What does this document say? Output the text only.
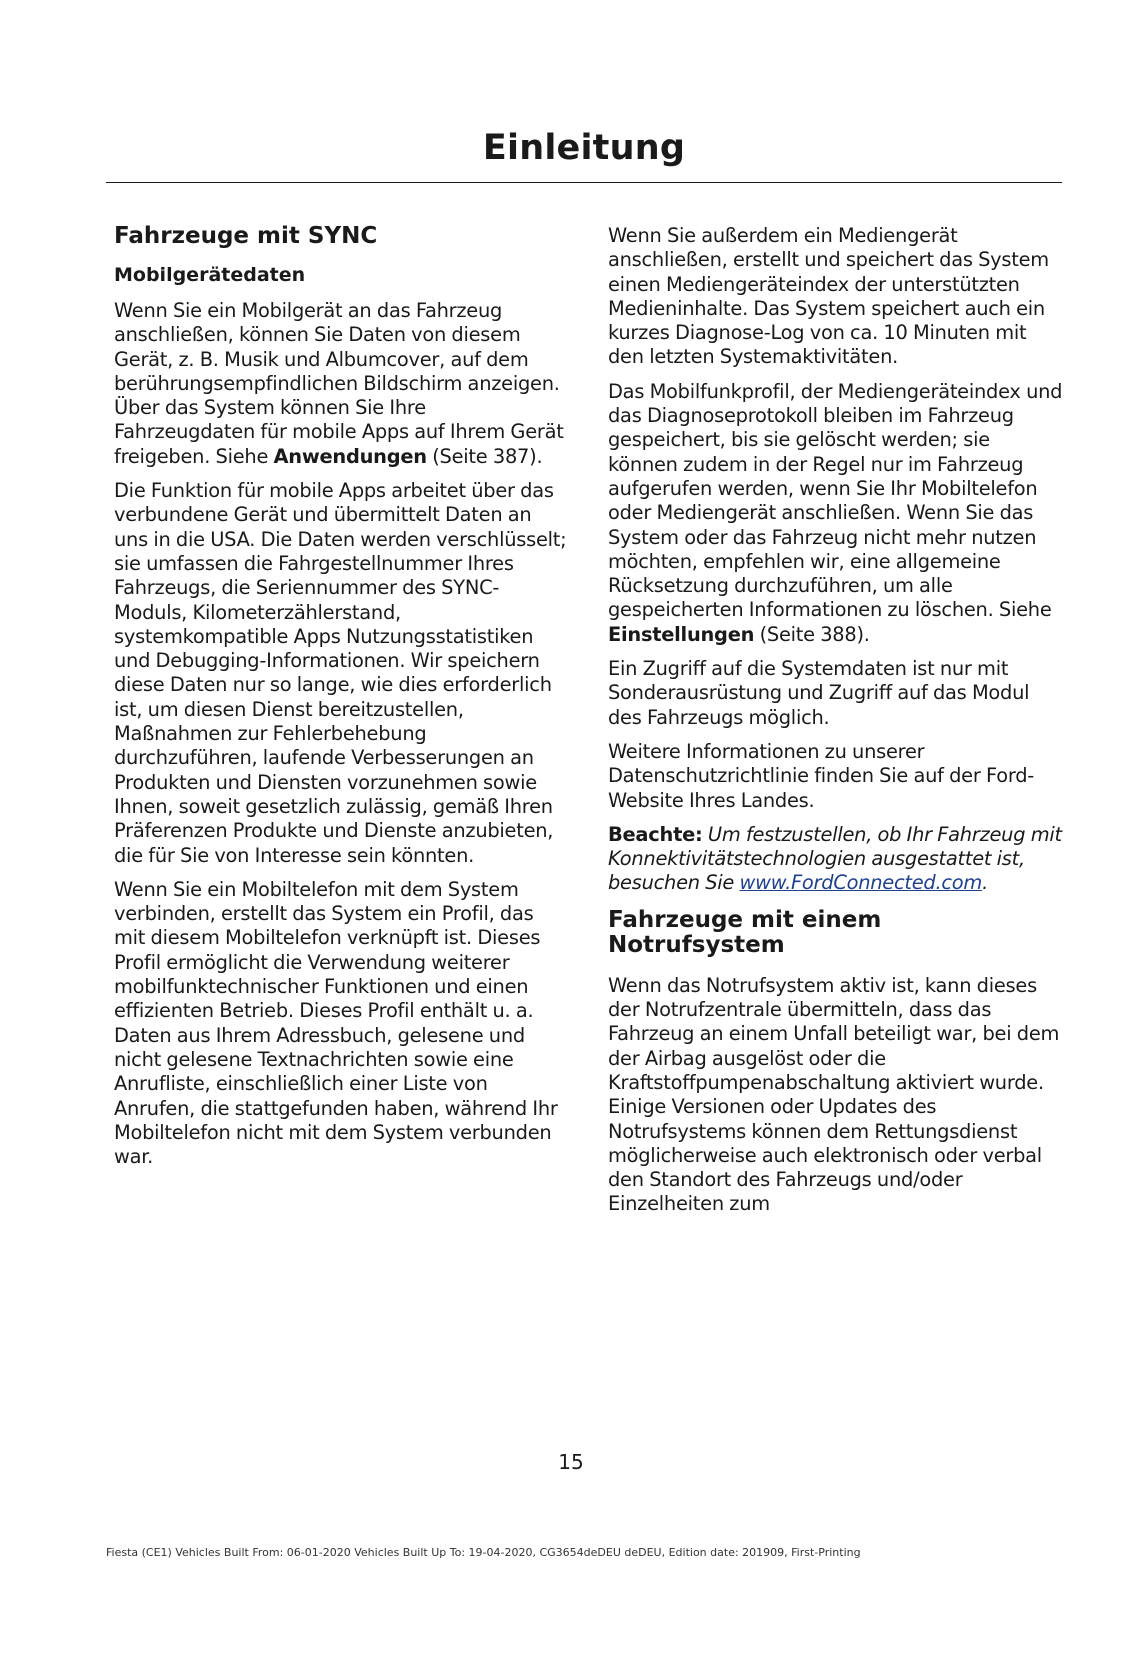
Einleitung
Fahrzeuge mit SYNC
Mobilgerätedaten

Wenn Sie ein Mobilgerät an das Fahrzeug anschließen, können Sie Daten von diesem Gerät, z. B. Musik und Albumcover, auf dem berührungsempfindlichen Bildschirm anzeigen. Über das System können Sie Ihre Fahrzeugdaten für mobile Apps auf Ihrem Gerät freigeben. Siehe Anwendungen (Seite 387).

Die Funktion für mobile Apps arbeitet über das verbundene Gerät und übermittelt Daten an uns in die USA. Die Daten werden verschlüsselt; sie umfassen die Fahrgestellnummer Ihres Fahrzeugs, die Seriennummer des SYNC-Moduls, Kilometerzählerstand, systemkompatible Apps Nutzungsstatistiken und Debugging-Informationen. Wir speichern diese Daten nur so lange, wie dies erforderlich ist, um diesen Dienst bereitzustellen, Maßnahmen zur Fehlerbehebung durchzuführen, laufende Verbesserungen an Produkten und Diensten vorzunehmen sowie Ihnen, soweit gesetzlich zulässig, gemäß Ihren Präferenzen Produkte und Dienste anzubieten, die für Sie von Interesse sein könnten.

Wenn Sie ein Mobiltelefon mit dem System verbinden, erstellt das System ein Profil, das mit diesem Mobiltelefon verknüpft ist. Dieses Profil ermöglicht die Verwendung weiterer mobilfunktechnischer Funktionen und einen effizienten Betrieb. Dieses Profil enthält u. a. Daten aus Ihrem Adressbuch, gelesene und nicht gelesene Textnachrichten sowie eine Anrufliste, einschließlich einer Liste von Anrufen, die stattgefunden haben, während Ihr Mobiltelefon nicht mit dem System verbunden war.

Wenn Sie außerdem ein Mediengerät anschließen, erstellt und speichert das System einen Mediengeräteindex der unterstützten Medieninhalte. Das System speichert auch ein kurzes Diagnose-Log von ca. 10 Minuten mit den letzten Systemaktivitäten.

Das Mobilfunkprofil, der Mediengeräteindex und das Diagnoseprotokoll bleiben im Fahrzeug gespeichert, bis sie gelöscht werden; sie können zudem in der Regel nur im Fahrzeug aufgerufen werden, wenn Sie Ihr Mobiltelefon oder Mediengerät anschließen. Wenn Sie das System oder das Fahrzeug nicht mehr nutzen möchten, empfehlen wir, eine allgemeine Rücksetzung durchzuführen, um alle gespeicherten Informationen zu löschen. Siehe Einstellungen (Seite 388).

Ein Zugriff auf die Systemdaten ist nur mit Sonderausrüstung und Zugriff auf das Modul des Fahrzeugs möglich.

Weitere Informationen zu unserer Datenschutzrichtlinie finden Sie auf der Ford-Website Ihres Landes.

Beachte: Um festzustellen, ob Ihr Fahrzeug mit Konnektivitätstechnologien ausgestattet ist, besuchen Sie www.FordConnected.com.

Fahrzeuge mit einem Notrufsystem

Wenn das Notrufsystem aktiv ist, kann dieses der Notrufzentrale übermitteln, dass das Fahrzeug an einem Unfall beteiligt war, bei dem der Airbag ausgelöst oder die Kraftstoffpumpenabschaltung aktiviert wurde. Einige Versionen oder Updates des Notrufsystems können dem Rettungsdienst möglicherweise auch elektronisch oder verbal den Standort des Fahrzeugs und/oder Einzelheiten zum

15
Fiesta (CE1) Vehicles Built From: 06-01-2020 Vehicles Built Up To: 19-04-2020, CG3654deDEU deDEU, Edition date: 201909, First-Printing
